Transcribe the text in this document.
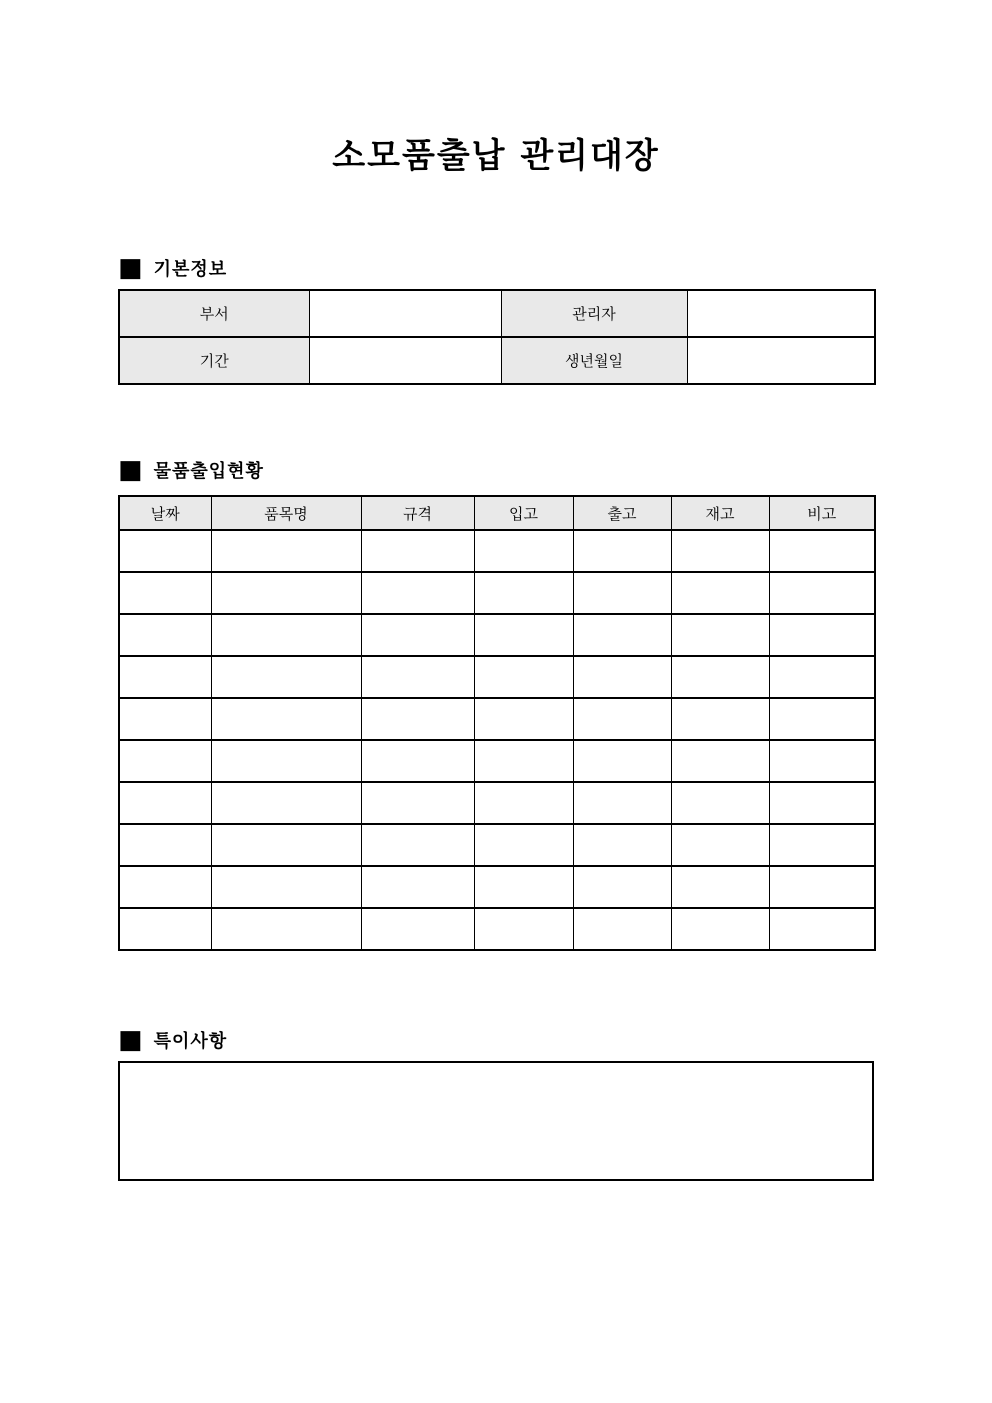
소모품출납 관리대장
■ 기본정보
부서		관리자	
기간		생년월일	
■ 물품출입현황
날짜	품목명	규격	입고	출고	재고	비고

■ 특이사항
